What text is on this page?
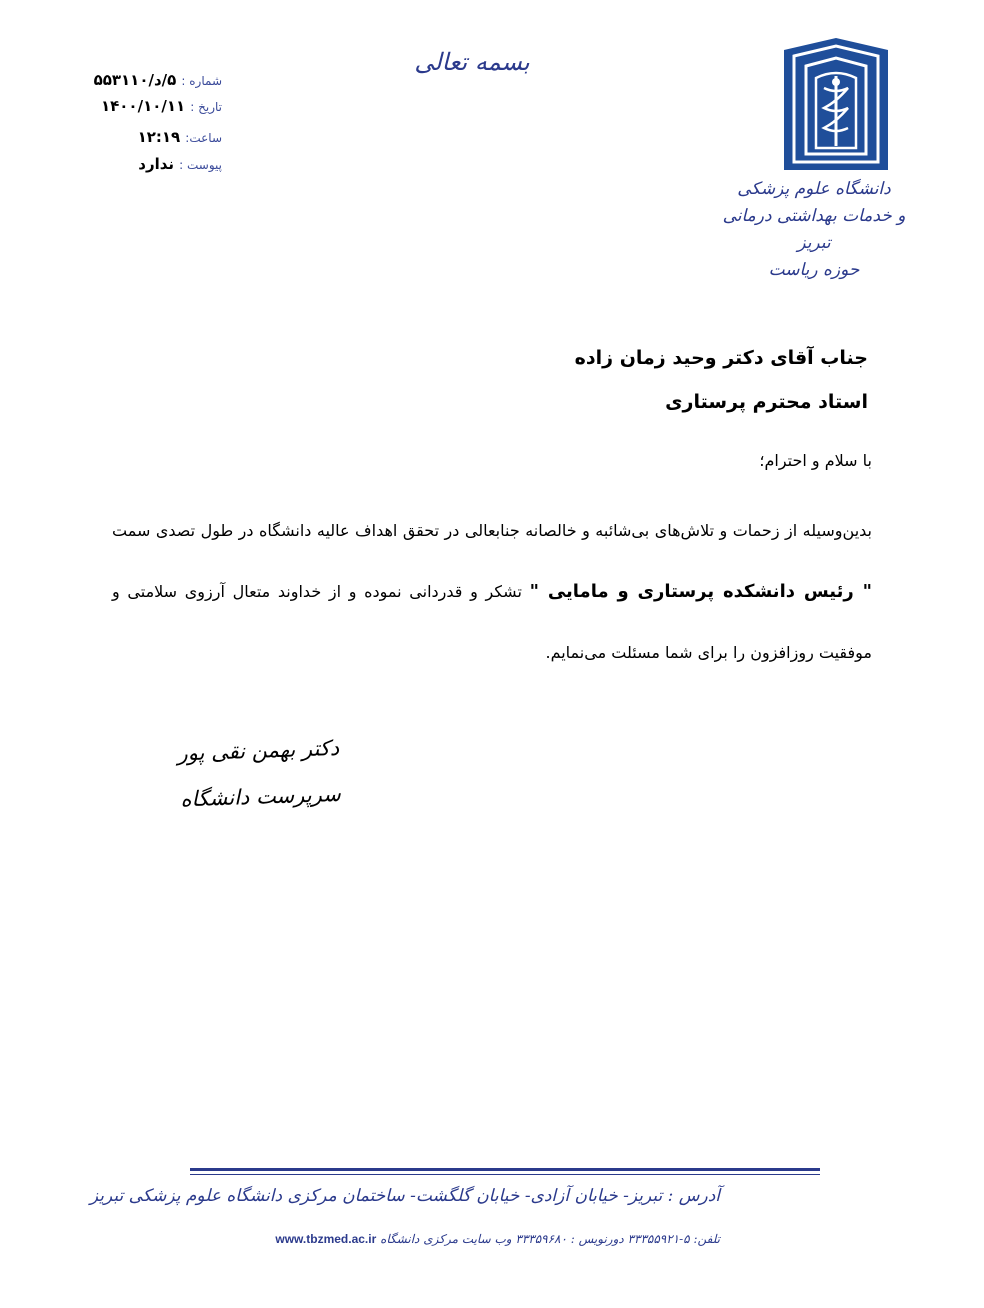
بسمه تعالی
شماره : ۵/د/۵۵۳۱۱۰
تاریخ : ۱۴۰۰/۱۰/۱۱
ساعت: ۱۲:۱۹
پیوست : ندارد
دانشگاه علوم پزشکی
و خدمات بهداشتی درمانی تبریز
حوزه ریاست
جناب آقای دکتر وحید زمان زاده
استاد محترم پرستاری
با سلام و احترام؛
بدین‌وسیله از زحمات و تلاش‌های بی‌شائبه و خالصانه جنابعالی در تحقق اهداف عالیه دانشگاه در طول تصدی سمت " رئیس دانشکده پرستاری و مامایی " تشکر و قدردانی نموده و از خداوند متعال آرزوی سلامتی و موفقیت روزافزون را برای شما مسئلت می‌نمایم.
دکتر بهمن نقی پور
سرپرست دانشگاه
آدرس : تبریز- خیابان آزادی- خیابان گلگشت- ساختمان مرکزی دانشگاه علوم پزشکی تبریز
تلفن: ۵-۳۳۳۵۵۹۲۱ دورنویس : ۳۳۳۵۹۶۸۰ وب سایت مرکزی دانشگاه www.tbzmed.ac.ir
